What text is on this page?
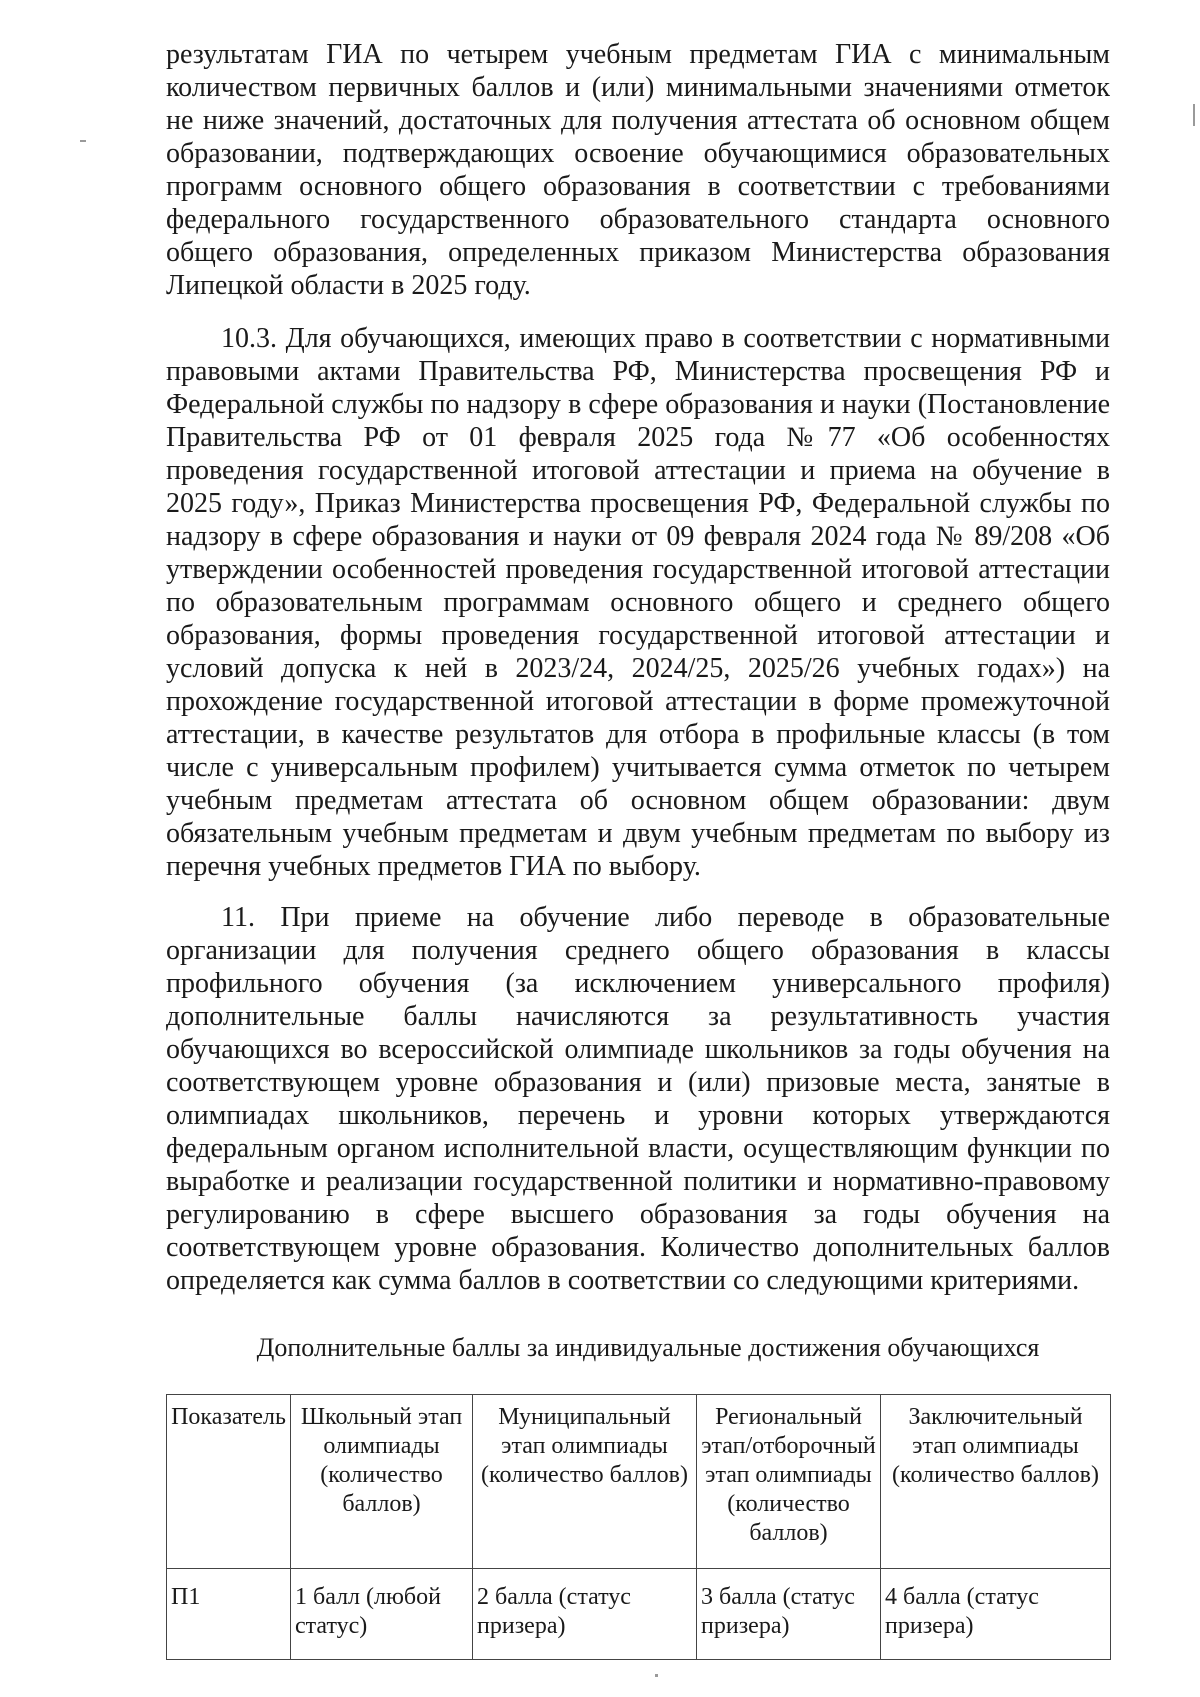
результатам ГИА по четырем учебным предметам ГИА с минимальным количеством первичных баллов и (или) минимальными значениями отметок не ниже значений, достаточных для получения аттестата об основном общем образовании, подтверждающих освоение обучающимися образовательных программ основного общего образования в соответствии с требованиями федерального государственного образовательного стандарта основного общего образования, определенных приказом Министерства образования Липецкой области в 2025 году.

10.3. Для обучающихся, имеющих право в соответствии с нормативными правовыми актами Правительства РФ, Министерства просвещения РФ и Федеральной службы по надзору в сфере образования и науки (Постановление Правительства РФ от 01 февраля 2025 года №77 «Об особенностях проведения государственной итоговой аттестации и приема на обучение в 2025 году», Приказ Министерства просвещения РФ, Федеральной службы по надзору в сфере образования и науки от 09 февраля 2024 года № 89/208 «Об утверждении особенностей проведения государственной итоговой аттестации по образовательным программам основного общего и среднего общего образования, формы проведения государственной итоговой аттестации и условий допуска к ней в 2023/24, 2024/25, 2025/26 учебных годах») на прохождение государственной итоговой аттестации в форме промежуточной аттестации, в качестве результатов для отбора в профильные классы (в том числе с универсальным профилем) учитывается сумма отметок по четырем учебным предметам аттестата об основном общем образовании: двум обязательным учебным предметам и двум учебным предметам по выбору из перечня учебных предметов ГИА по выбору.

11. При приеме на обучение либо переводе в образовательные организации для получения среднего общего образования в классы профильного обучения (за исключением универсального профиля) дополнительные баллы начисляются за результативность участия обучающихся во всероссийской олимпиаде школьников за годы обучения на соответствующем уровне образования и (или) призовые места, занятые в олимпиадах школьников, перечень и уровни которых утверждаются федеральным органом исполнительной власти, осуществляющим функции по выработке и реализации государственной политики и нормативно-правовому регулированию в сфере высшего образования за годы обучения на соответствующем уровне образования. Количество дополнительных баллов определяется как сумма баллов в соответствии со следующими критериями.

Дополнительные баллы за индивидуальные достижения обучающихся

Показатель	Школьный этап олимпиады (количество баллов)	Муниципальный этап олимпиады (количество баллов)	Региональный этап/отборочный этап олимпиады (количество баллов)	Заключительный этап олимпиады (количество баллов)
П1	1 балл (любой статус)	2 балла (статус призера)	3 балла (статус призера)	4 балла (статус призера)
